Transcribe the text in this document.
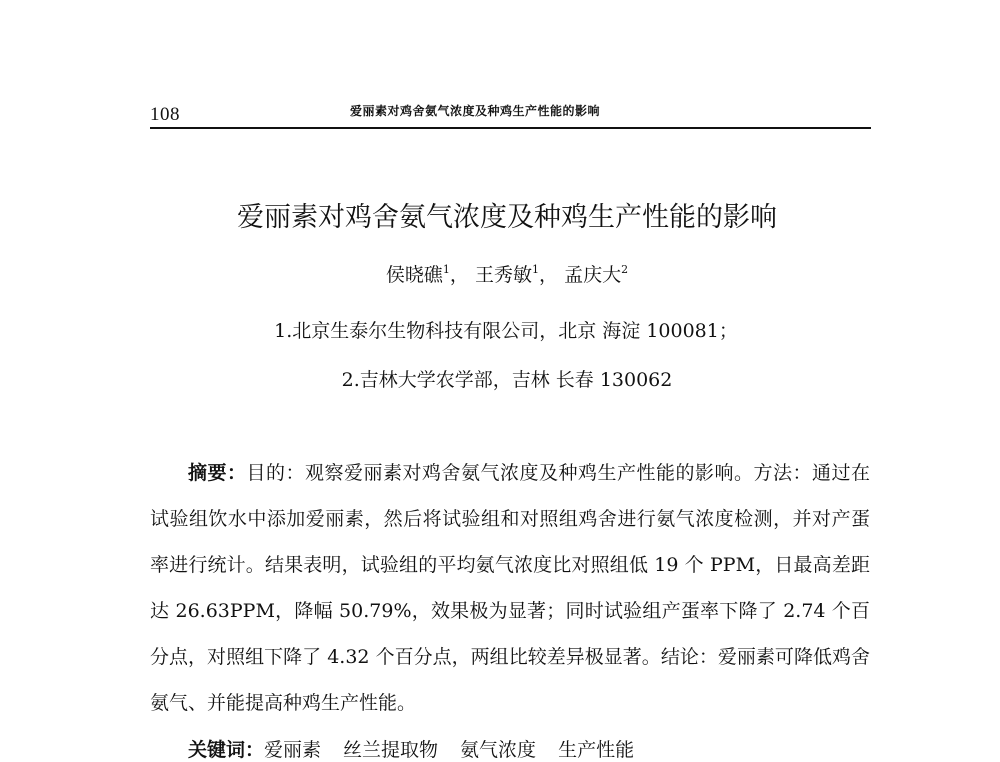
108	爱丽素对鸡舍氨气浓度及种鸡生产性能的影响
爱丽素对鸡舍氨气浓度及种鸡生产性能的影响
侯晓礁$^1$， 王秀敏$^1$， 孟庆大$^2$
1.北京生泰尔生物科技有限公司，北京 海淀 100081；
2.吉林大学农学部，吉林 长春 130062

摘要：目的：观察爱丽素对鸡舍氨气浓度及种鸡生产性能的影响。方法：通过在试验组饮水中添加爱丽素，然后将试验组和对照组鸡舍进行氨气浓度检测，并对产蛋率进行统计。结果表明，试验组的平均氨气浓度比对照组低 19 个 PPM，日最高差距达 26.63PPM，降幅 50.79%，效果极为显著；同时试验组产蛋率下降了 2.74 个百分点，对照组下降了 4.32 个百分点，两组比较差异极显著。结论：爱丽素可降低鸡舍氨气、并能提高种鸡生产性能。

关键词：爱丽素 丝兰提取物 氨气浓度 生产性能
